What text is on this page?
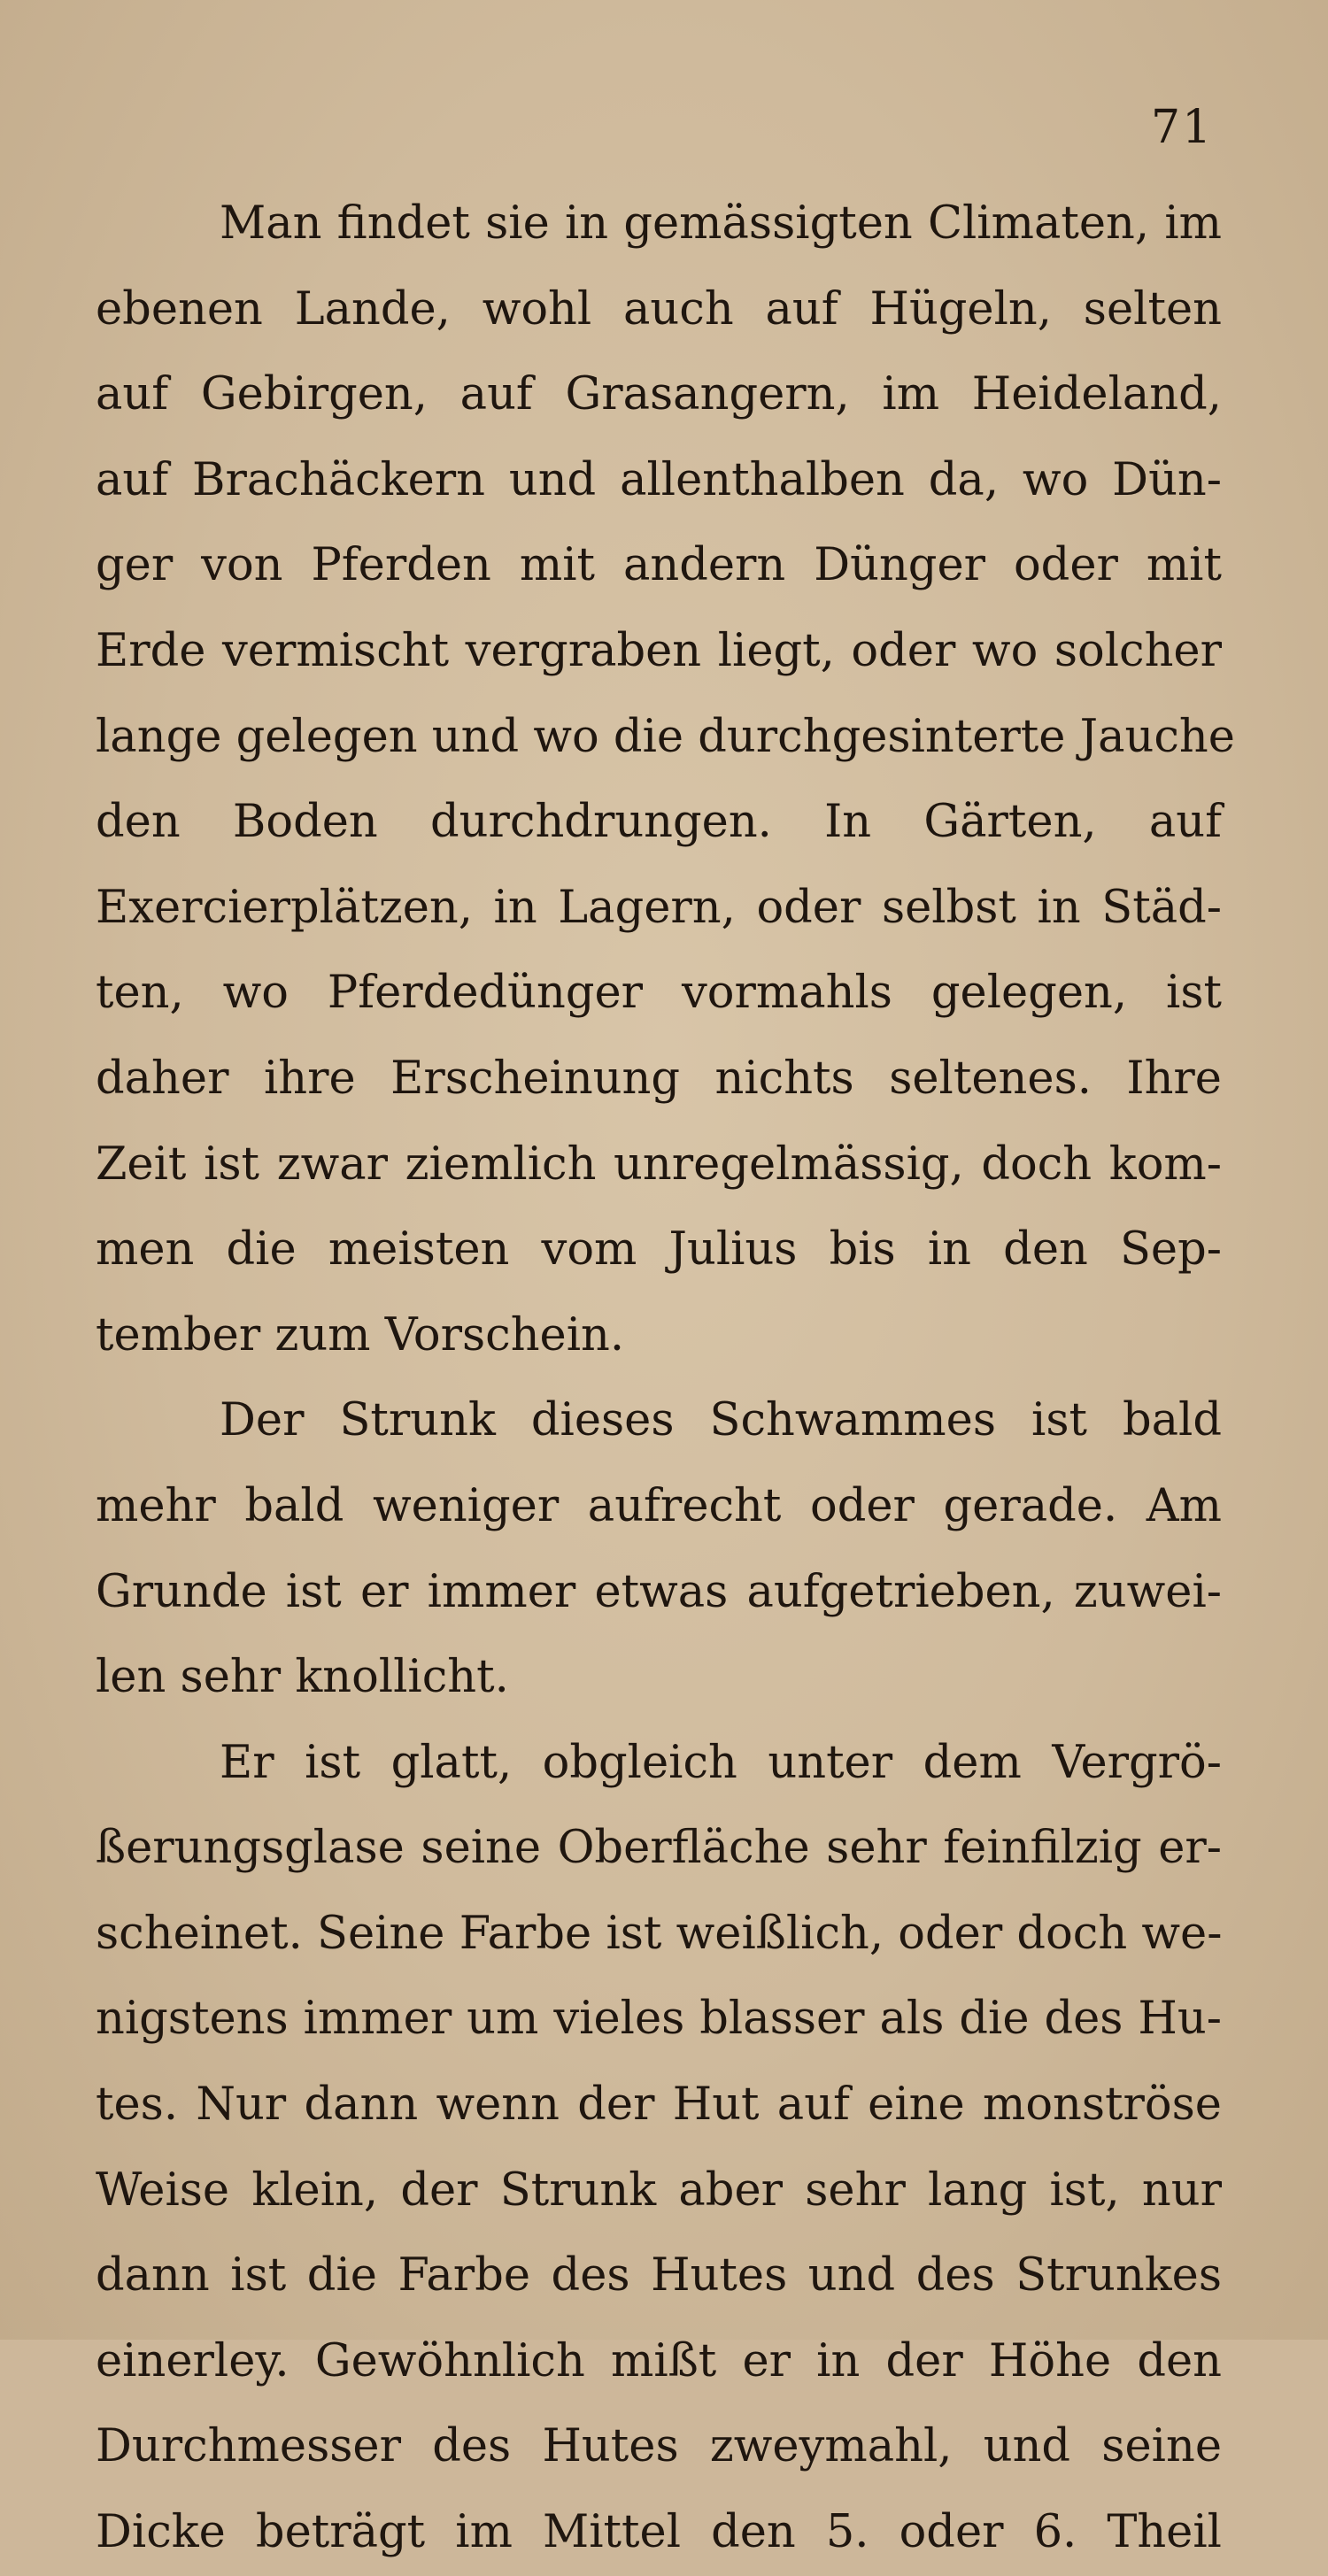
71
Man findet sie in gemässigten Climaten, im
ebenen Lande, wohl auch auf Hügeln, selten
auf Gebirgen, auf Grasangern, im Heideland,
auf Brachäckern und allenthalben da, wo Dün-
ger von Pferden mit andern Dünger oder mit
Erde vermischt vergraben liegt, oder wo solcher
lange gelegen und wo die durchgesinterte Jauche
den Boden durchdrungen. In Gärten, auf
Exercierplätzen, in Lagern, oder selbst in Städ-
ten, wo Pferdedünger vormahls gelegen, ist
daher ihre Erscheinung nichts seltenes. Ihre
Zeit ist zwar ziemlich unregelmässig, doch kom-
men die meisten vom Julius bis in den Sep-
tember zum Vorschein.
Der Strunk dieses Schwammes ist bald
mehr bald weniger aufrecht oder gerade. Am
Grunde ist er immer etwas aufgetrieben, zuwei-
len sehr knollicht.
Er ist glatt, obgleich unter dem Vergrö-
ßerungsglase seine Oberfläche sehr feinfilzig er-
scheinet. Seine Farbe ist weißlich, oder doch we-
nigstens immer um vieles blasser als die des Hu-
tes. Nur dann wenn der Hut auf eine monströse
Weise klein, der Strunk aber sehr lang ist, nur
dann ist die Farbe des Hutes und des Strunkes
einerley. Gewöhnlich mißt er in der Höhe den
Durchmesser des Hutes zweymahl, und seine
Dicke beträgt im Mittel den 5. oder 6. Theil
